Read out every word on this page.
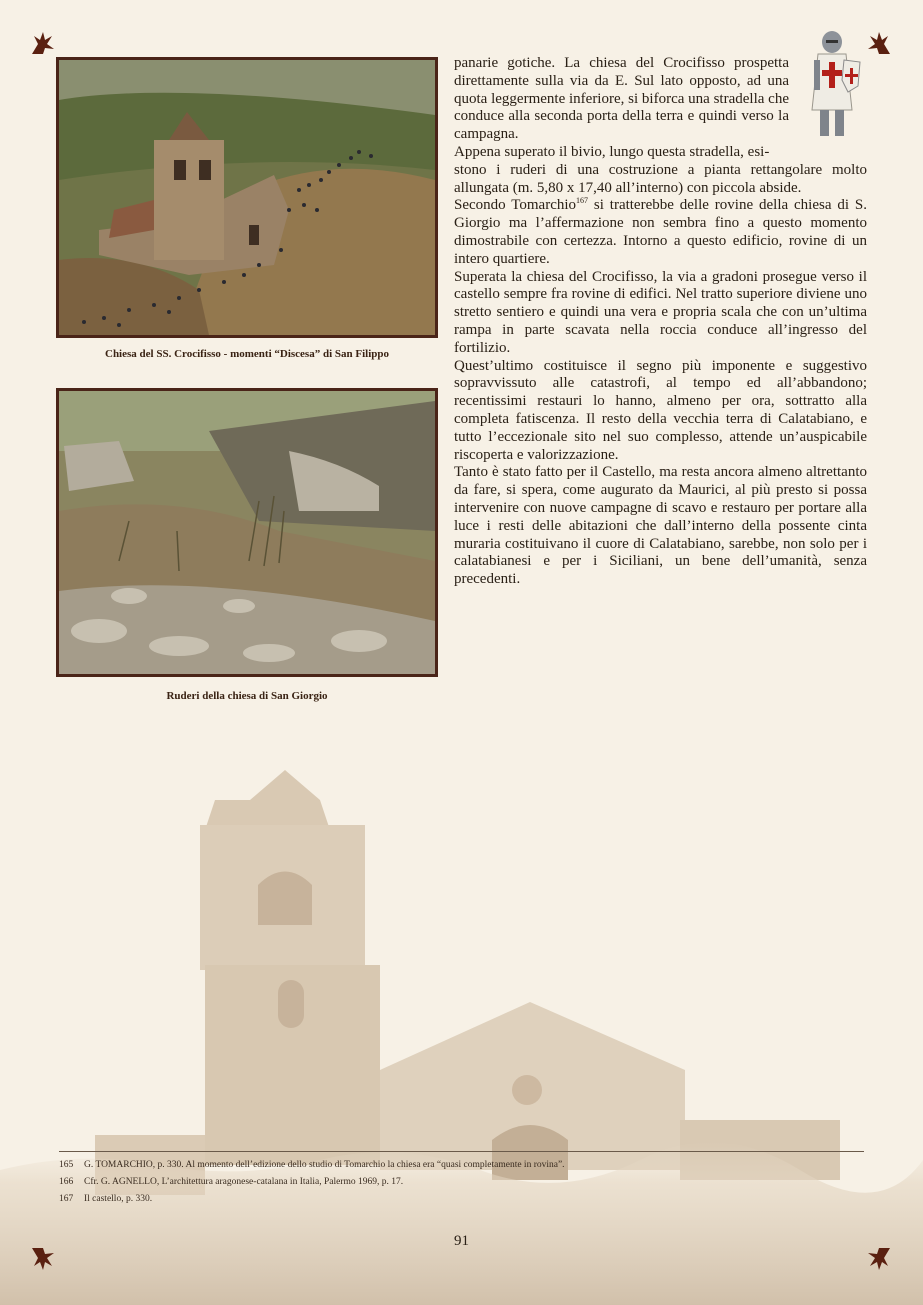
Chiesa del SS. Crocifisso - momenti “Discesa” di San Filippo
Ruderi della chiesa di San Giorgio

panarie gotiche. La chiesa del Crocifisso prospetta direttamente sulla via da E. Sul lato opposto, ad una quota leggermente inferiore, si biforca una stradella che conduce alla seconda porta della terra e quindi verso la campagna.

Appena superato il bivio, lungo questa stradella, esi-

stono i ruderi di una costruzione a pianta rettangolare molto allungata (m. 5,80 x 17,40 all’interno) con piccola abside.

Secondo Tomarchio$^{167}$ si tratterebbe delle rovine della chiesa di S. Giorgio ma l’affermazione non sembra fino a questo momento dimostrabile con certezza. Intorno a questo edificio, rovine di un intero quartiere.

Superata la chiesa del Crocifisso, la via a gradoni prosegue verso il castello sempre fra rovine di edifici. Nel tratto superiore diviene uno stretto sentiero e quindi una vera e propria scala che con un’ultima rampa in parte scavata nella roccia conduce all’ingresso del fortilizio.

Quest’ultimo costituisce il segno più imponente e suggestivo sopravvissuto alle catastrofi, al tempo ed all’abbandono; recentissimi restauri lo hanno, almeno per ora, sottratto alla completa fatiscenza. Il resto della vecchia terra di Calatabiano, e tutto l’eccezionale sito nel suo complesso, attende un’auspicabile riscoperta e valorizzazione.

Tanto è stato fatto per il Castello, ma resta ancora almeno altrettanto da fare, si spera, come augurato da Maurici, al più presto si possa intervenire con nuove campagne di scavo e restauro per portare alla luce i resti delle abitazioni che dall’interno della possente cinta muraria costituivano il cuore di Calatabiano, sarebbe, non solo per i calatabianesi e per i Siciliani, un bene dell’umanità, senza precedenti.

165	G. TOMARCHIO, p. 330. Al momento dell’edizione dello studio di Tomarchio la chiesa era “quasi completamente in rovina”.
166	Cfr. G. AGNELLO, L’architettura aragonese-catalana in Italia, Palermo 1969, p. 17.
167	Il castello, p. 330.
91
